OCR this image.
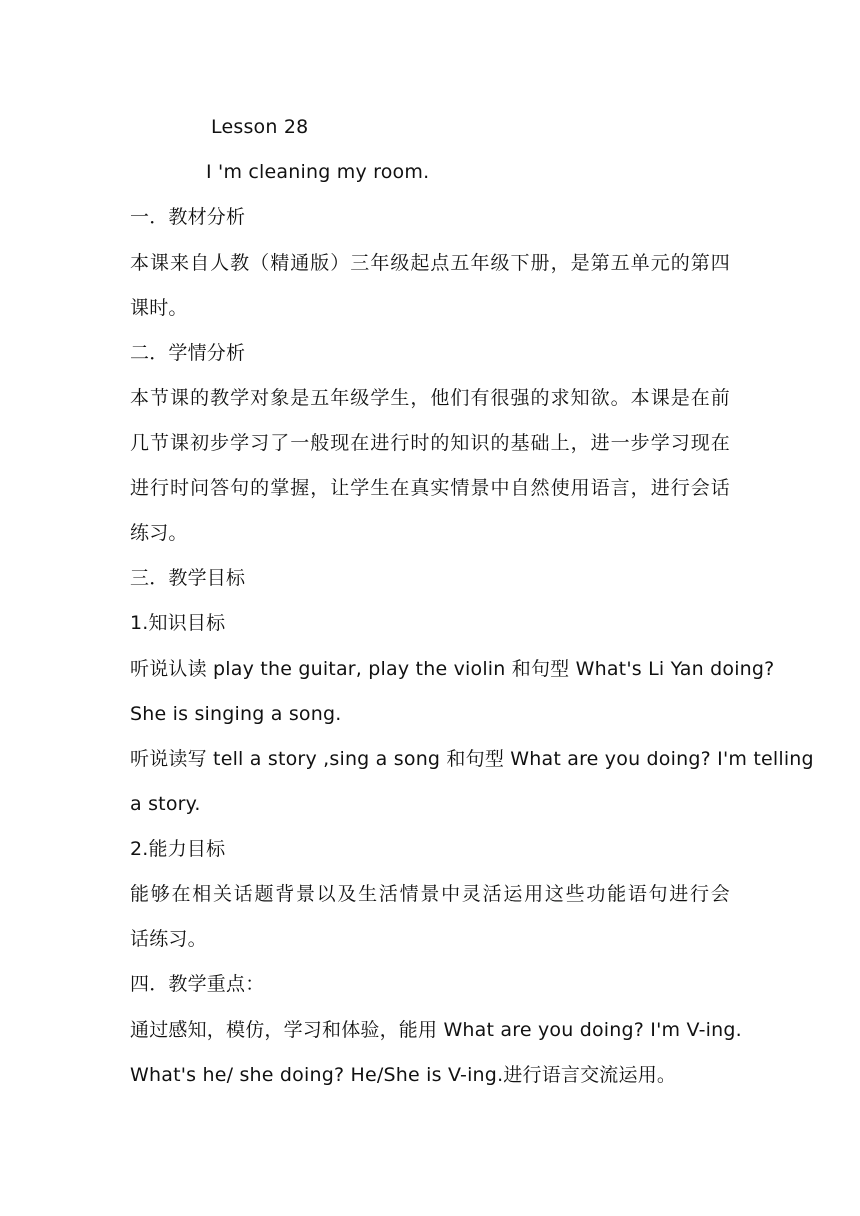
Lesson 28
I 'm cleaning my room.
一．教材分析
本课来自人教（精通版）三年级起点五年级下册，是第五单元的第四
课时。
二．学情分析
本节课的教学对象是五年级学生，他们有很强的求知欲。本课是在前
几节课初步学习了一般现在进行时的知识的基础上，进一步学习现在
进行时问答句的掌握，让学生在真实情景中自然使用语言，进行会话
练习。
三．教学目标
1.知识目标
听说认读 play the guitar, play the violin 和句型 What's Li Yan doing?
She is singing a song.
听说读写 tell a story ,sing a song 和句型 What are you doing? I'm telling
a story.
2.能力目标
能够在相关话题背景以及生活情景中灵活运用这些功能语句进行会
话练习。
四．教学重点：
通过感知，模仿，学习和体验，能用 What are you doing? I'm V-ing.
What's he/ she doing? He/She is V-ing.进行语言交流运用。
